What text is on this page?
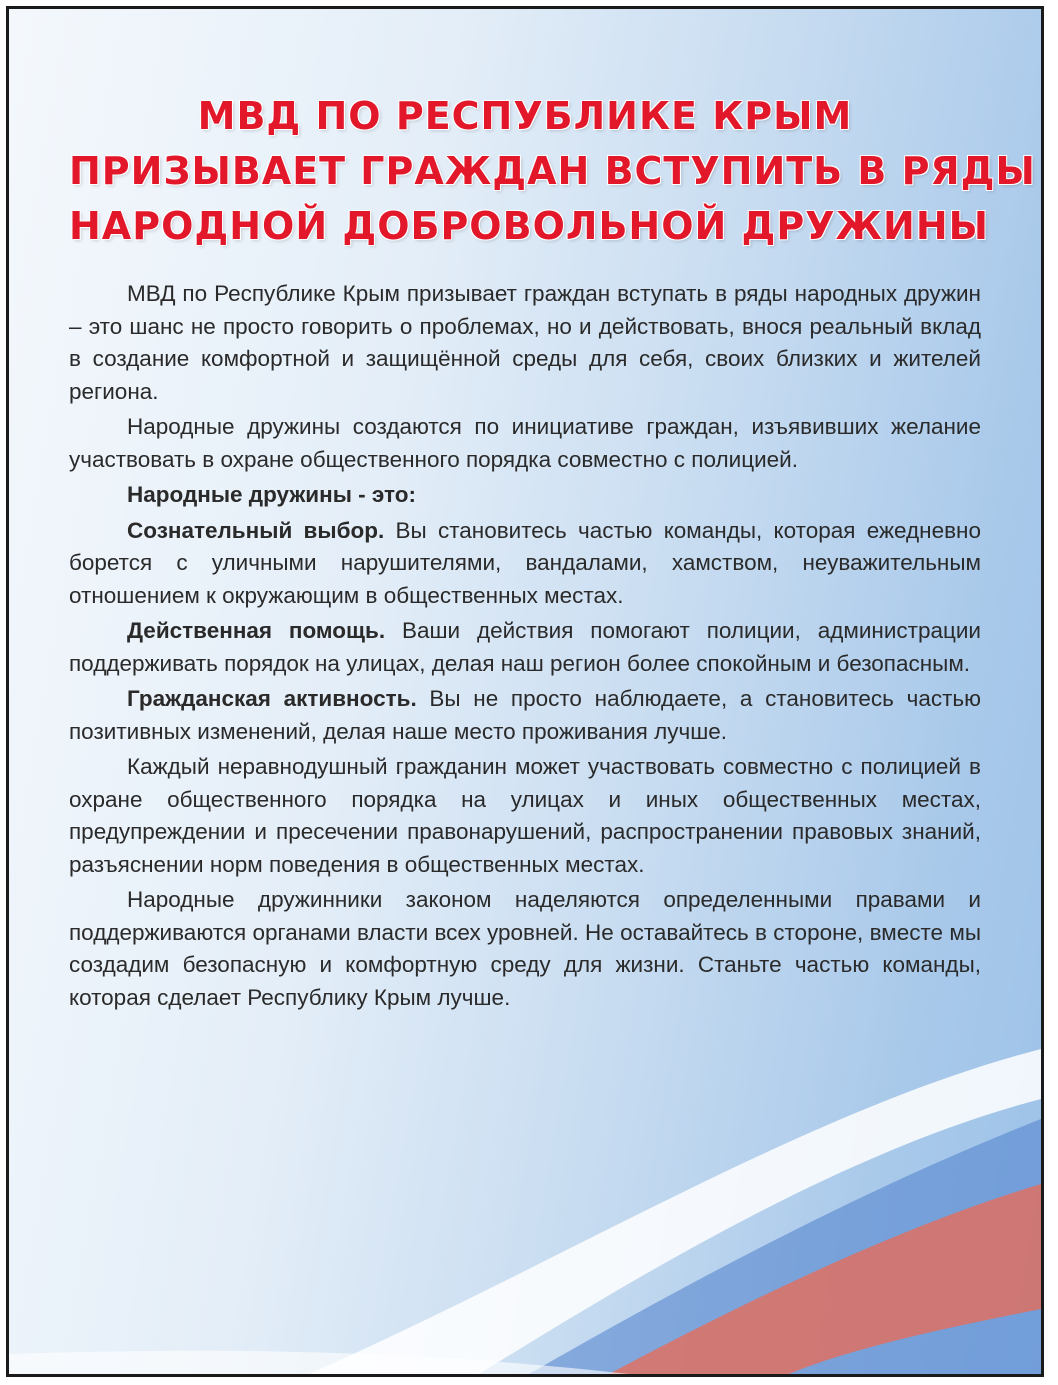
МВД ПО РЕСПУБЛИКЕ КРЫМ
ПРИЗЫВАЕТ ГРАЖДАН ВСТУПИТЬ В РЯДЫ
НАРОДНОЙ ДОБРОВОЛЬНОЙ ДРУЖИНЫ

МВД по Республике Крым призывает граждан вступать в ряды народных дружин – это шанс не просто говорить о проблемах, но и действовать, внося реальный вклад в создание комфортной и защищённой среды для себя, своих близких и жителей региона.

Народные дружины создаются по инициативе граждан, изъявивших желание участвовать в охране общественного порядка совместно с полицией.

Народные дружины - это:

Сознательный выбор. Вы становитесь частью команды, которая ежедневно борется с уличными нарушителями, вандалами, хамством, неуважительным отношением к окружающим в общественных местах.

Действенная помощь. Ваши действия помогают полиции, администрации поддерживать порядок на улицах, делая наш регион более спокойным и безопасным.

Гражданская активность. Вы не просто наблюдаете, а становитесь частью позитивных изменений, делая наше место проживания лучше.

Каждый неравнодушный гражданин может участвовать совместно с полицией в охране общественного порядка на улицах и иных общественных местах, предупреждении и пресечении правонарушений, распространении правовых знаний, разъяснении норм поведения в общественных местах.

Народные дружинники законом наделяются определенными правами и поддерживаются органами власти всех уровней. Не оставайтесь в стороне, вместе мы создадим безопасную и комфортную среду для жизни. Станьте частью команды, которая сделает Республику Крым лучше.
